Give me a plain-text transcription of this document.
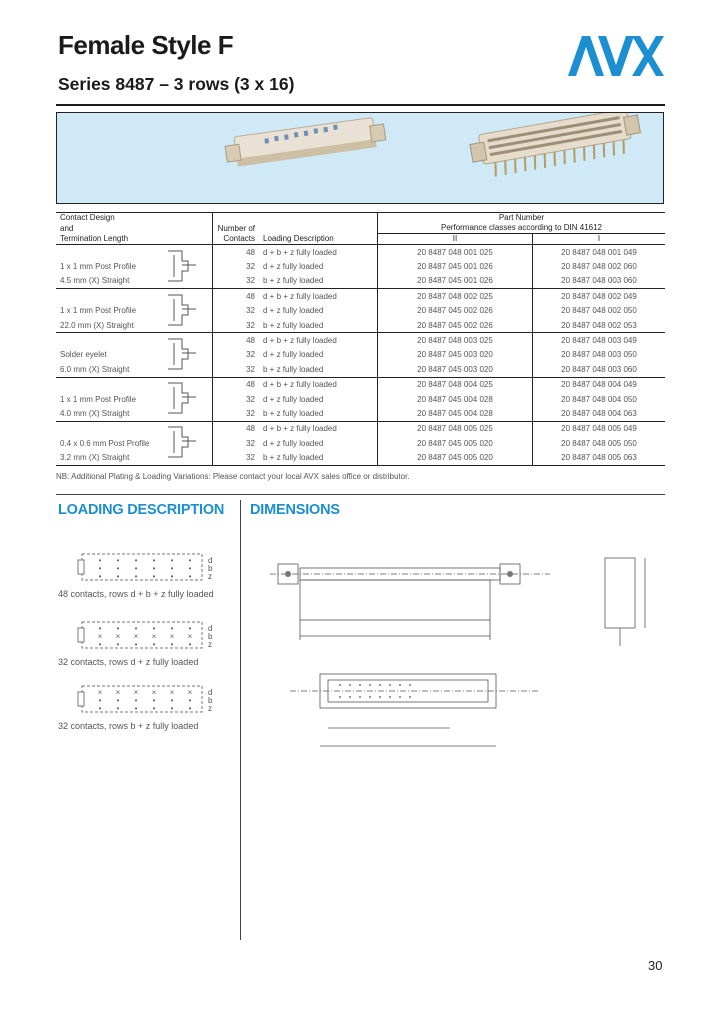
Female Style F
Series 8487 – 3 rows (3 x 16)
Contact Design				Part Number	
and		Number of		Performance classes according to DIN 41612	
Termination Length		Contacts	Loading Description	II	I
		48	d + b + z fully loaded	20 8487 048 001 025	20 8487 048 001 049
1 x 1 mm Post Profile		32	d + z fully loaded	20 8487 045 001 026	20 8487 048 002 060
4.5 mm (X) Straight		32	b + z fully loaded	20 8487 045 001 026	20 8487 048 003 060
		48	d + b + z fully loaded	20 8487 048 002 025	20 8487 048 002 049
1 x 1 mm Post Profile		32	d + z fully loaded	20 8487 045 002 026	20 8487 048 002 050
22.0 mm (X) Straight		32	b + z fully loaded	20 8487 045 002 026	20 8487 048 002 053
		48	d + b + z fully loaded	20 8487 048 003 025	20 8487 048 003 049
Solder eyelet		32	d + z fully loaded	20 8487 045 003 020	20 8487 048 003 050
6.0 mm (X) Straight		32	b + z fully loaded	20 8487 045 003 020	20 8487 048 003 060
		48	d + b + z fully loaded	20 8487 048 004 025	20 8487 048 004 049
1 x 1 mm Post Profile		32	d + z fully loaded	20 8487 045 004 028	20 8487 048 004 050
4.0 mm (X) Straight		32	b + z fully loaded	20 8487 045 004 028	20 8487 048 004 063
		48	d + b + z fully loaded	20 8487 048 005 025	20 8487 048 005 049
0.4 x 0.6 mm Post Profile		32	d + z fully loaded	20 8487 045 005 020	20 8487 048 005 050
3.2 mm (X) Straight		32	b + z fully loaded	20 8487 045 005 020	20 8487 048 005 063

NB: Additional Plating & Loading Variations: Please contact your local AVX sales office or distributor.
LOADING DESCRIPTION DIMENSIONS
• • • • • • d
• • • • • • b
• • • • • • z
48 contacts, rows d + b + z fully loaded
• • • • • • d
× × × × × × b
• • • • • • z
32 contacts, rows d + z fully loaded
× × × × × × d
• • • • • • b
• • • • • • z
32 contacts, rows b + z fully loaded
30
